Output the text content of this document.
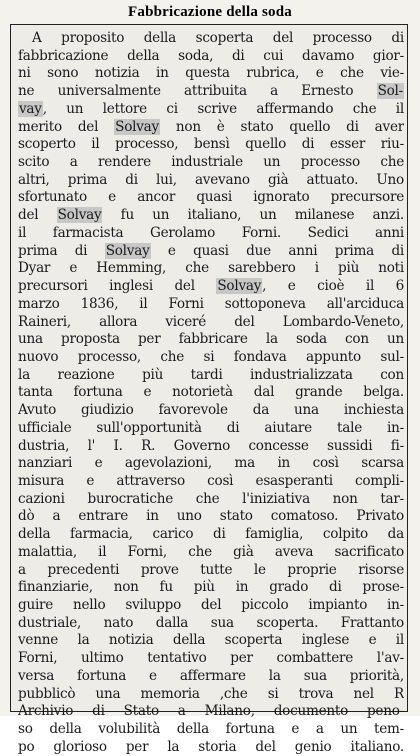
Fabbricazione della soda
A proposito della scoperta del processo di
fabbricazione della soda, di cui davamo gior-
ni sono notizia in questa rubrica, e che vie-
ne universalmente attribuita a Ernesto Sol-
vay, un lettore ci scrive affermando che il
merito del Solvay non è stato quello di aver
scoperto il processo, bensì quello di esser riu-
scito a rendere industriale un processo che
altri, prima di lui, avevano già attuato. Uno
sfortunato e ancor quasi ignorato precursore
del Solvay fu un italiano, un milanese anzi.
il farmacista Gerolamo Forni. Sedici anni
prima di Solvay e quasi due anni prima di
Dyar e Hemming, che sarebbero i più noti
precursori inglesi del Solvay, e cioè il 6
marzo 1836, il Forni sottoponeva all'arciduca
Raineri, allora viceré del Lombardo-Veneto,
una proposta per fabbricare la soda con un
nuovo processo, che si fondava appunto sul-
la reazione più tardi industrializzata con
tanta fortuna e notorietà dal grande belga.
Avuto giudizio favorevole da una inchiesta
ufficiale sull'opportunità di aiutare tale in-
dustria, l' I. R. Governo concesse sussidi fi-
nanziari e agevolazioni, ma in così scarsa
misura e attraverso così esasperanti compli-
cazioni burocratiche che l'iniziativa non tar-
dò a entrare in uno stato comatoso. Privato
della farmacia, carico di famiglia, colpito da
malattia, il Forni, che già aveva sacrificato
a precedenti prove tutte le proprie risorse
finanziarie, non fu più in grado di prose-
guire nello sviluppo del piccolo impianto in-
dustriale, nato dalla sua scoperta. Frattanto
venne la notizia della scoperta inglese e il
Forni, ultimo tentativo per combattere l'av-
versa fortuna e affermare la sua priorità,
pubblicò una memoria ,che si trova nel R
Archivio di Stato a Milano, documento peno-
so della volubilità della fortuna e a un tem-
po glorioso per la storia del genio italiano.
